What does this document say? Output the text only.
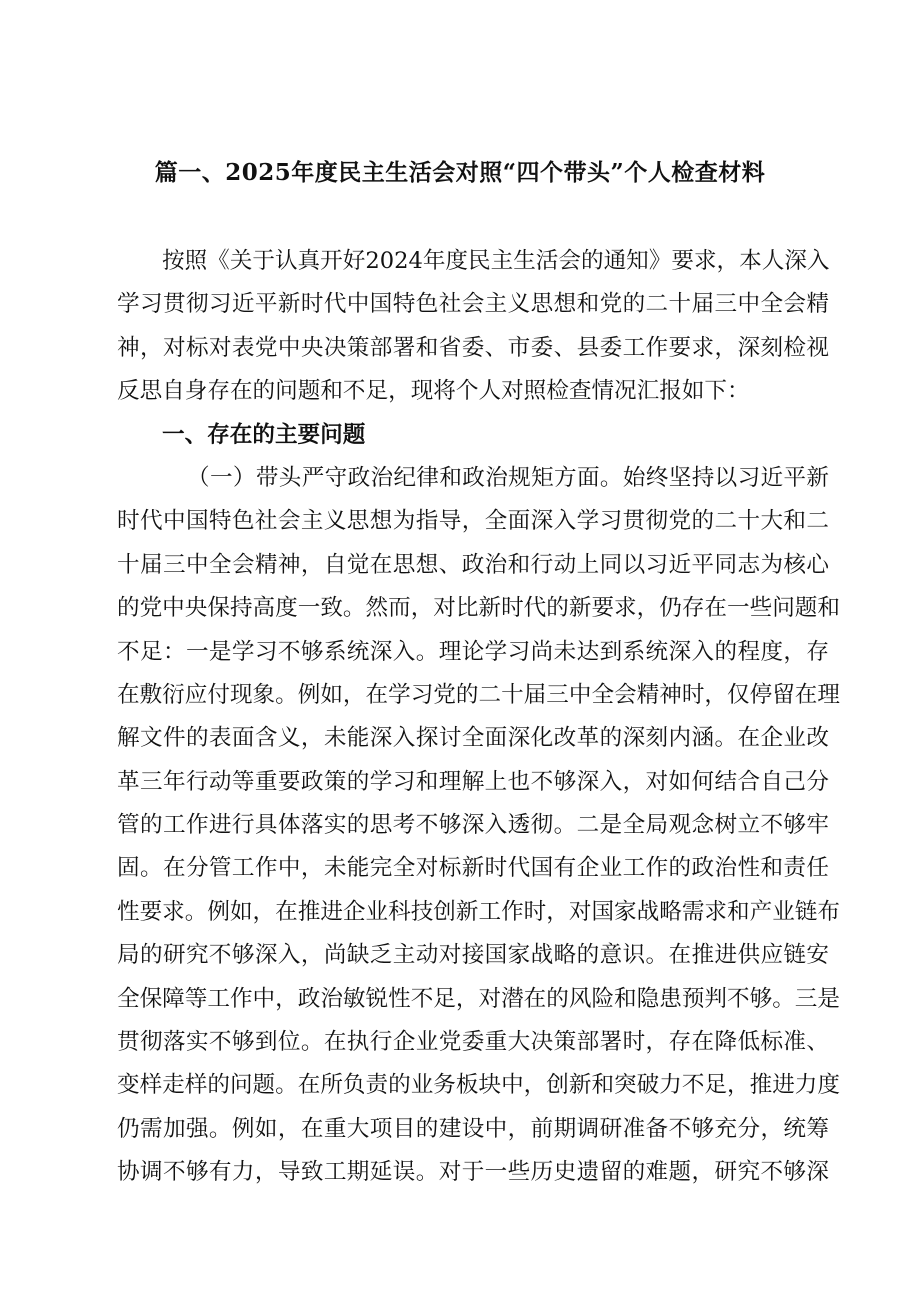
篇一、2025年度民主生活会对照“四个带头”个人检查材料
按照《关于认真开好2024年度民主生活会的通知》要求，本人深入
学习贯彻习近平新时代中国特色社会主义思想和党的二十届三中全会精
神，对标对表党中央决策部署和省委、市委、县委工作要求，深刻检视
反思自身存在的问题和不足，现将个人对照检查情况汇报如下：
一、存在的主要问题
（一）带头严守政治纪律和政治规矩方面。始终坚持以习近平新
时代中国特色社会主义思想为指导，全面深入学习贯彻党的二十大和二
十届三中全会精神，自觉在思想、政治和行动上同以习近平同志为核心
的党中央保持高度一致。然而，对比新时代的新要求，仍存在一些问题和
不足：一是学习不够系统深入。理论学习尚未达到系统深入的程度，存
在敷衍应付现象。例如，在学习党的二十届三中全会精神时，仅停留在理
解文件的表面含义，未能深入探讨全面深化改革的深刻内涵。在企业改
革三年行动等重要政策的学习和理解上也不够深入，对如何结合自己分
管的工作进行具体落实的思考不够深入透彻。二是全局观念树立不够牢
固。在分管工作中，未能完全对标新时代国有企业工作的政治性和责任
性要求。例如，在推进企业科技创新工作时，对国家战略需求和产业链布
局的研究不够深入，尚缺乏主动对接国家战略的意识。在推进供应链安
全保障等工作中，政治敏锐性不足，对潜在的风险和隐患预判不够。三是
贯彻落实不够到位。在执行企业党委重大决策部署时，存在降低标准、
变样走样的问题。在所负责的业务板块中，创新和突破力不足，推进力度
仍需加强。例如，在重大项目的建设中，前期调研准备不够充分，统筹
协调不够有力，导致工期延误。对于一些历史遗留的难题，研究不够深
